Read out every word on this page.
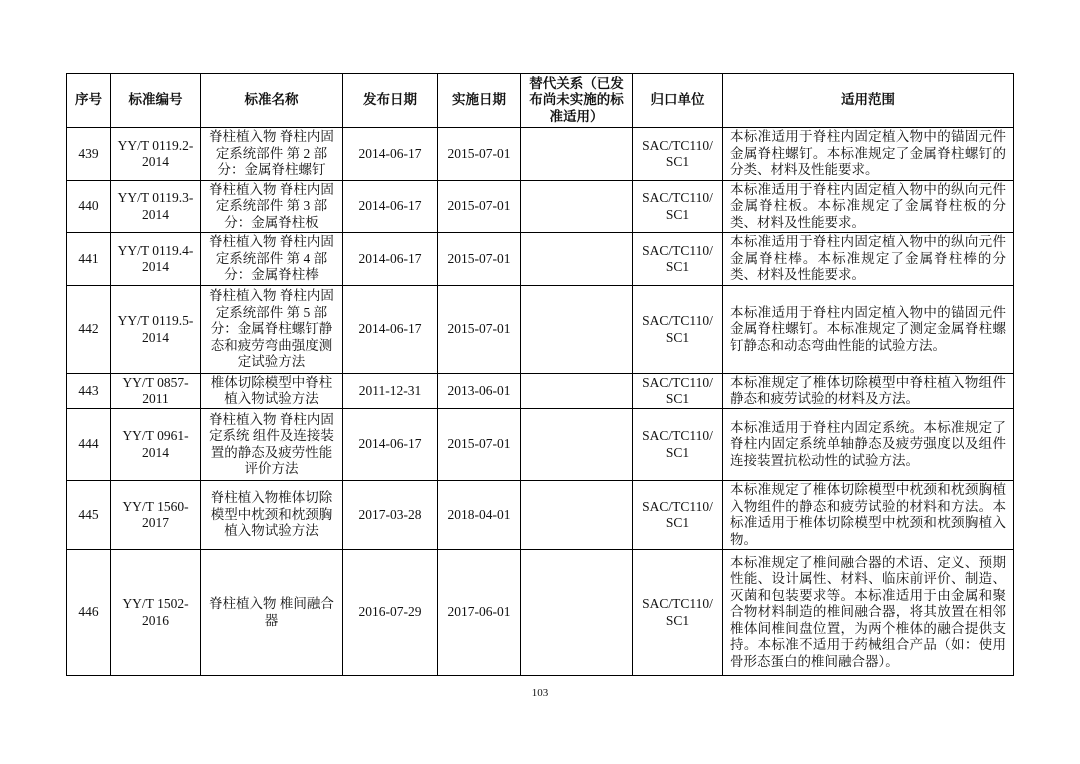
序号	标准编号	标准名称	发布日期	实施日期	替代关系（已发布尚未实施的标准适用）	归口单位	适用范围
439	YY/T 0119.2-2014	脊柱植入物 脊柱内固定系统部件 第 2 部分：金属脊柱螺钉	2014-06-17	2015-07-01		SAC/TC110/SC1	本标准适用于脊柱内固定植入物中的锚固元件金属脊柱螺钉。本标准规定了金属脊柱螺钉的分类、材料及性能要求。
440	YY/T 0119.3-2014	脊柱植入物 脊柱内固定系统部件 第 3 部分：金属脊柱板	2014-06-17	2015-07-01		SAC/TC110/SC1	本标准适用于脊柱内固定植入物中的纵向元件金属脊柱板。本标准规定了金属脊柱板的分类、材料及性能要求。
441	YY/T 0119.4-2014	脊柱植入物 脊柱内固定系统部件 第 4 部分：金属脊柱棒	2014-06-17	2015-07-01		SAC/TC110/SC1	本标准适用于脊柱内固定植入物中的纵向元件金属脊柱棒。本标准规定了金属脊柱棒的分类、材料及性能要求。
442	YY/T 0119.5-2014	脊柱植入物 脊柱内固定系统部件 第 5 部分：金属脊柱螺钉静态和疲劳弯曲强度测定试验方法	2014-06-17	2015-07-01		SAC/TC110/SC1	本标准适用于脊柱内固定植入物中的锚固元件金属脊柱螺钉。本标准规定了测定金属脊柱螺钉静态和动态弯曲性能的试验方法。
443	YY/T 0857-2011	椎体切除模型中脊柱植入物试验方法	2011-12-31	2013-06-01		SAC/TC110/SC1	本标准规定了椎体切除模型中脊柱植入物组件静态和疲劳试验的材料及方法。
444	YY/T 0961-2014	脊柱植入物 脊柱内固定系统 组件及连接装置的静态及疲劳性能评价方法	2014-06-17	2015-07-01		SAC/TC110/SC1	本标准适用于脊柱内固定系统。本标准规定了脊柱内固定系统单轴静态及疲劳强度以及组件连接装置抗松动性的试验方法。
445	YY/T 1560-2017	脊柱植入物椎体切除模型中枕颈和枕颈胸植入物试验方法	2017-03-28	2018-04-01		SAC/TC110/SC1	本标准规定了椎体切除模型中枕颈和枕颈胸植入物组件的静态和疲劳试验的材料和方法。本标准适用于椎体切除模型中枕颈和枕颈胸植入物。
446	YY/T 1502-2016	脊柱植入物 椎间融合器	2016-07-29	2017-06-01		SAC/TC110/SC1	本标准规定了椎间融合器的术语、定义、预期性能、设计属性、材料、临床前评价、制造、灭菌和包装要求等。本标准适用于由金属和聚合物材料制造的椎间融合器，将其放置在相邻椎体间椎间盘位置，为两个椎体的融合提供支持。本标准不适用于药械组合产品（如：使用骨形态蛋白的椎间融合器）。
103
